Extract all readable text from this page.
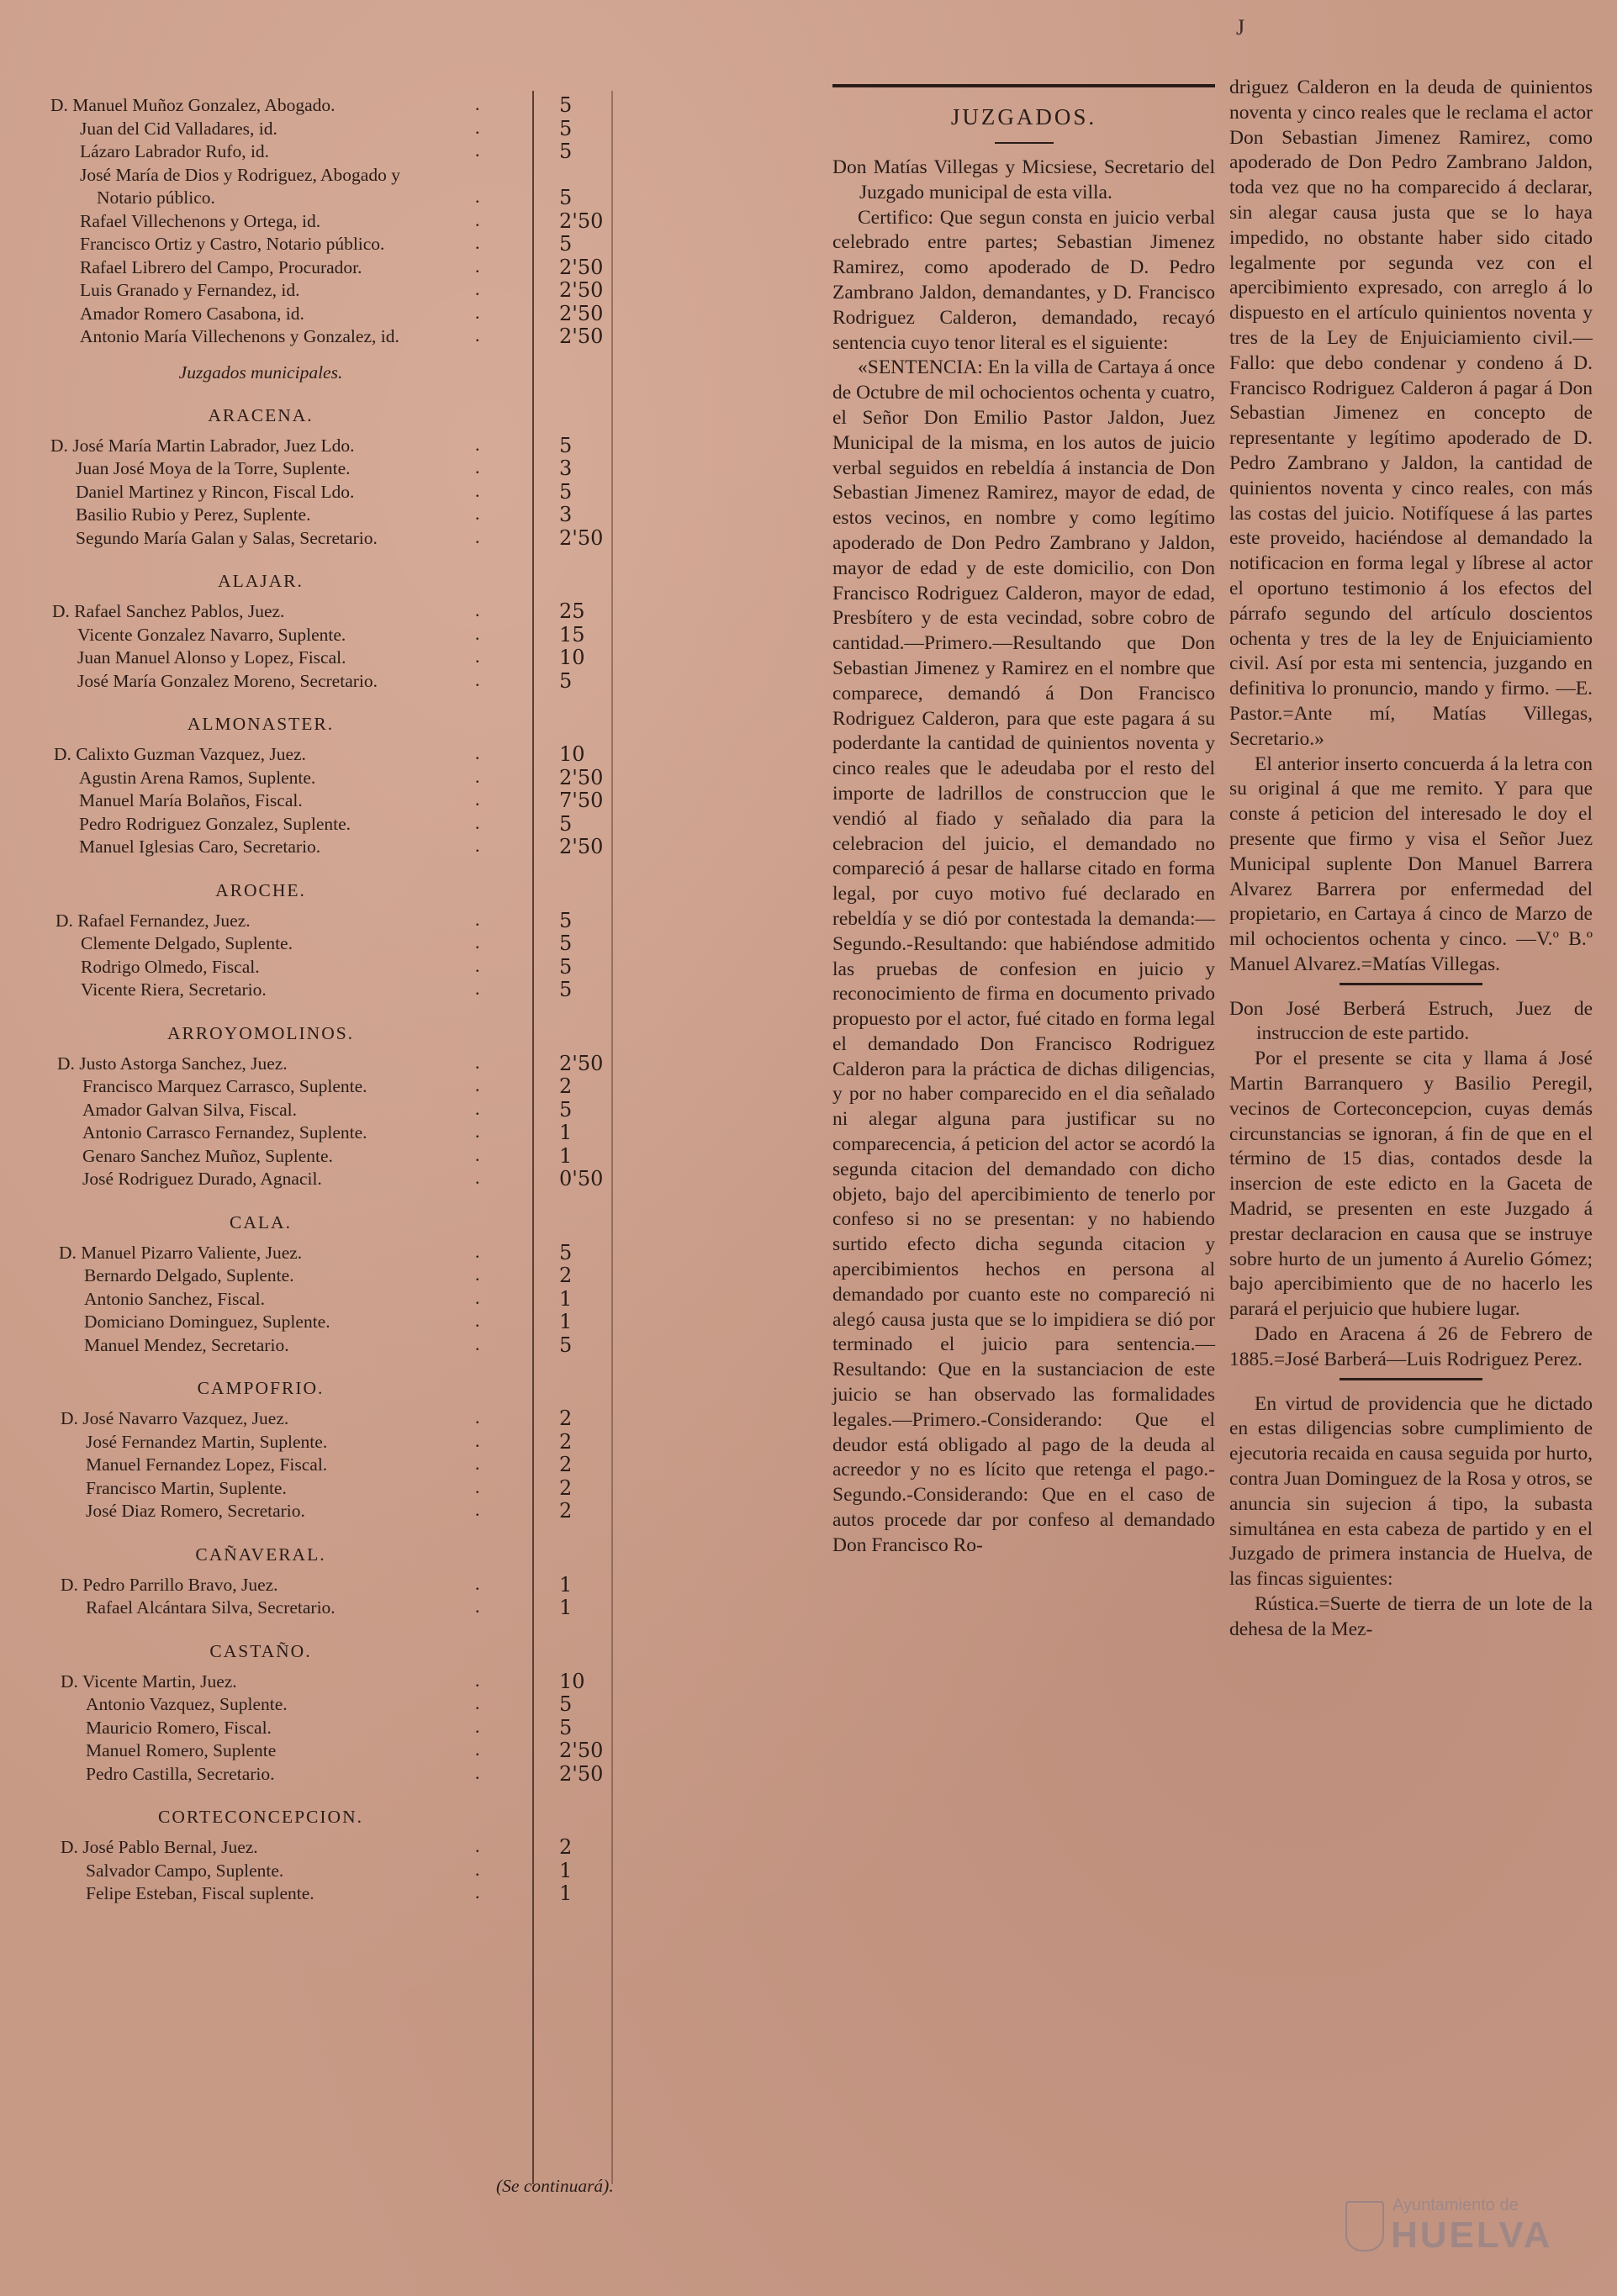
J
D. Manuel Muñoz Gonzalez, Abogado.	.	5
Juan del Cid Valladares, id.	.	5
Lázaro Labrador Rufo, id.	.	5
José María de Dios y Rodriguez, Abogado y
Notario público.	.	5
Rafael Villechenons y Ortega, id.	.	2'50
Francisco Ortiz y Castro, Notario público.	.	5
Rafael Librero del Campo, Procurador.	.	2'50
Luis Granado y Fernandez, id.	.	2'50
Amador Romero Casabona, id.	.	2'50
Antonio María Villechenons y Gonzalez, id.	.	2'50
Juzgados municipales.
ARACENA.
D. José María Martin Labrador, Juez Ldo.	.	5
Juan José Moya de la Torre, Suplente.	.	3
Daniel Martinez y Rincon, Fiscal Ldo.	.	5
Basilio Rubio y Perez, Suplente.	.	3
Segundo María Galan y Salas, Secretario.	.	2'50
ALAJAR.
D. Rafael Sanchez Pablos, Juez.	.	25
Vicente Gonzalez Navarro, Suplente.	.	15
Juan Manuel Alonso y Lopez, Fiscal.	.	10
José María Gonzalez Moreno, Secretario.	.	5
ALMONASTER.
D. Calixto Guzman Vazquez, Juez.	.	10
Agustin Arena Ramos, Suplente.	.	2'50
Manuel María Bolaños, Fiscal.	.	7'50
Pedro Rodriguez Gonzalez, Suplente.	.	5
Manuel Iglesias Caro, Secretario.	.	2'50
AROCHE.
D. Rafael Fernandez, Juez.	.	5
Clemente Delgado, Suplente.	.	5
Rodrigo Olmedo, Fiscal.	.	5
Vicente Riera, Secretario.	.	5
ARROYOMOLINOS.
D. Justo Astorga Sanchez, Juez.	.	2'50
Francisco Marquez Carrasco, Suplente.	.	2
Amador Galvan Silva, Fiscal.	.	5
Antonio Carrasco Fernandez, Suplente.	.	1
Genaro Sanchez Muñoz, Suplente.	.	1
José Rodriguez Durado, Agnacil.	.	0'50
CALA.
D. Manuel Pizarro Valiente, Juez.	.	5
Bernardo Delgado, Suplente.	.	2
Antonio Sanchez, Fiscal.	.	1
Domiciano Dominguez, Suplente.	.	1
Manuel Mendez, Secretario.	.	5
CAMPOFRIO.
D. José Navarro Vazquez, Juez.	.	2
José Fernandez Martin, Suplente.	.	2
Manuel Fernandez Lopez, Fiscal.	.	2
Francisco Martin, Suplente.	.	2
José Diaz Romero, Secretario.	.	2
CAÑAVERAL.
D. Pedro Parrillo Bravo, Juez.	.	1
Rafael Alcántara Silva, Secretario.	.	1
CASTAÑO.
D. Vicente Martin, Juez.	.	10
Antonio Vazquez, Suplente.	.	5
Mauricio Romero, Fiscal.	.	5
Manuel Romero, Suplente	.	2'50
Pedro Castilla, Secretario.	.	2'50
CORTECONCEPCION.
D. José Pablo Bernal, Juez.	.	2
Salvador Campo, Suplente.	.	1
Felipe Esteban, Fiscal suplente.	.	1
(Se continuará).
JUZGADOS.

Don Matías Villegas y Micsiese, Secretario del Juzgado municipal de esta villa.

Certifico: Que segun consta en juicio verbal celebrado entre partes; Sebastian Jimenez Ramirez, como apoderado de D. Pedro Zambrano Jaldon, demandantes, y D. Francisco Rodriguez Calderon, demandado, recayó sentencia cuyo tenor literal es el siguiente:

«SENTENCIA: En la villa de Cartaya á once de Octubre de mil ochocientos ochenta y cuatro, el Señor Don Emilio Pastor Jaldon, Juez Municipal de la misma, en los autos de juicio verbal seguidos en rebeldía á instancia de Don Sebastian Jimenez Ramirez, mayor de edad, de estos vecinos, en nombre y como legítimo apoderado de Don Pedro Zambrano y Jaldon, mayor de edad y de este domicilio, con Don Francisco Rodriguez Calderon, mayor de edad, Presbítero y de esta vecindad, sobre cobro de cantidad.—Primero.—Resultando que Don Sebastian Jimenez y Ramirez en el nombre que comparece, demandó á Don Francisco Rodriguez Calderon, para que este pagara á su poderdante la cantidad de quinientos noventa y cinco reales que le adeudaba por el resto del importe de ladrillos de construccion que le vendió al fiado y señalado dia para la celebracion del juicio, el demandado no compareció á pesar de hallarse citado en forma legal, por cuyo motivo fué declarado en rebeldía y se dió por contestada la demanda:—Segundo.-Resultando: que habiéndose admitido las pruebas de confesion en juicio y reconocimiento de firma en documento privado propuesto por el actor, fué citado en forma legal el demandado Don Francisco Rodriguez Calderon para la práctica de dichas diligencias, y por no haber comparecido en el dia señalado ni alegar alguna para justificar su no comparecencia, á peticion del actor se acordó la segunda citacion del demandado con dicho objeto, bajo del apercibimiento de tenerlo por confeso si no se presentan: y no habiendo surtido efecto dicha segunda citacion y apercibimientos hechos en persona al demandado por cuanto este no compareció ni alegó causa justa que se lo impidiera se dió por terminado el juicio para sentencia.—Resultando: Que en la sustanciacion de este juicio se han observado las formalidades legales.—Primero.-Considerando: Que el deudor está obligado al pago de la deuda al acreedor y no es lícito que retenga el pago.-Segundo.-Considerando: Que en el caso de autos procede dar por confeso al demandado Don Francisco Ro-

driguez Calderon en la deuda de quinientos noventa y cinco reales que le reclama el actor Don Sebastian Jimenez Ramirez, como apoderado de Don Pedro Zambrano Jaldon, toda vez que no ha comparecido á declarar, sin alegar causa justa que se lo haya impedido, no obstante haber sido citado legalmente por segunda vez con el apercibimiento expresado, con arreglo á lo dispuesto en el artículo quinientos noventa y tres de la Ley de Enjuiciamiento civil.—Fallo: que debo condenar y condeno á D. Francisco Rodriguez Calderon á pagar á Don Sebastian Jimenez en concepto de representante y legítimo apoderado de D. Pedro Zambrano y Jaldon, la cantidad de quinientos noventa y cinco reales, con más las costas del juicio. Notifíquese á las partes este proveido, haciéndose al demandado la notificacion en forma legal y líbrese al actor el oportuno testimonio á los efectos del párrafo segundo del artículo doscientos ochenta y tres de la ley de Enjuiciamiento civil. Así por esta mi sentencia, juzgando en definitiva lo pronuncio, mando y firmo. —E. Pastor.=Ante mí, Matías Villegas, Secretario.»

El anterior inserto concuerda á la letra con su original á que me remito. Y para que conste á peticion del interesado le doy el presente que firmo y visa el Señor Juez Municipal suplente Don Manuel Barrera Alvarez Barrera por enfermedad del propietario, en Cartaya á cinco de Marzo de mil ochocientos ochenta y cinco. —V.º B.º Manuel Alvarez.=Matías Villegas.

Don José Berberá Estruch, Juez de instruccion de este partido.

Por el presente se cita y llama á José Martin Barranquero y Basilio Peregil, vecinos de Corteconcepcion, cuyas demás circunstancias se ignoran, á fin de que en el término de 15 dias, contados desde la insercion de este edicto en la Gaceta de Madrid, se presenten en este Juzgado á prestar declaracion en causa que se instruye sobre hurto de un jumento á Aurelio Gómez; bajo apercibimiento que de no hacerlo les parará el perjuicio que hubiere lugar.

Dado en Aracena á 26 de Febrero de 1885.=José Barberá—Luis Rodriguez Perez.

En virtud de providencia que he dictado en estas diligencias sobre cumplimiento de ejecutoria recaida en causa seguida por hurto, contra Juan Dominguez de la Rosa y otros, se anuncia sin sujecion á tipo, la subasta simultánea en esta cabeza de partido y en el Juzgado de primera instancia de Huelva, de las fincas siguientes:

Rústica.=Suerte de tierra de un lote de la dehesa de la Mez-

Ayuntamiento de
HUELVA
